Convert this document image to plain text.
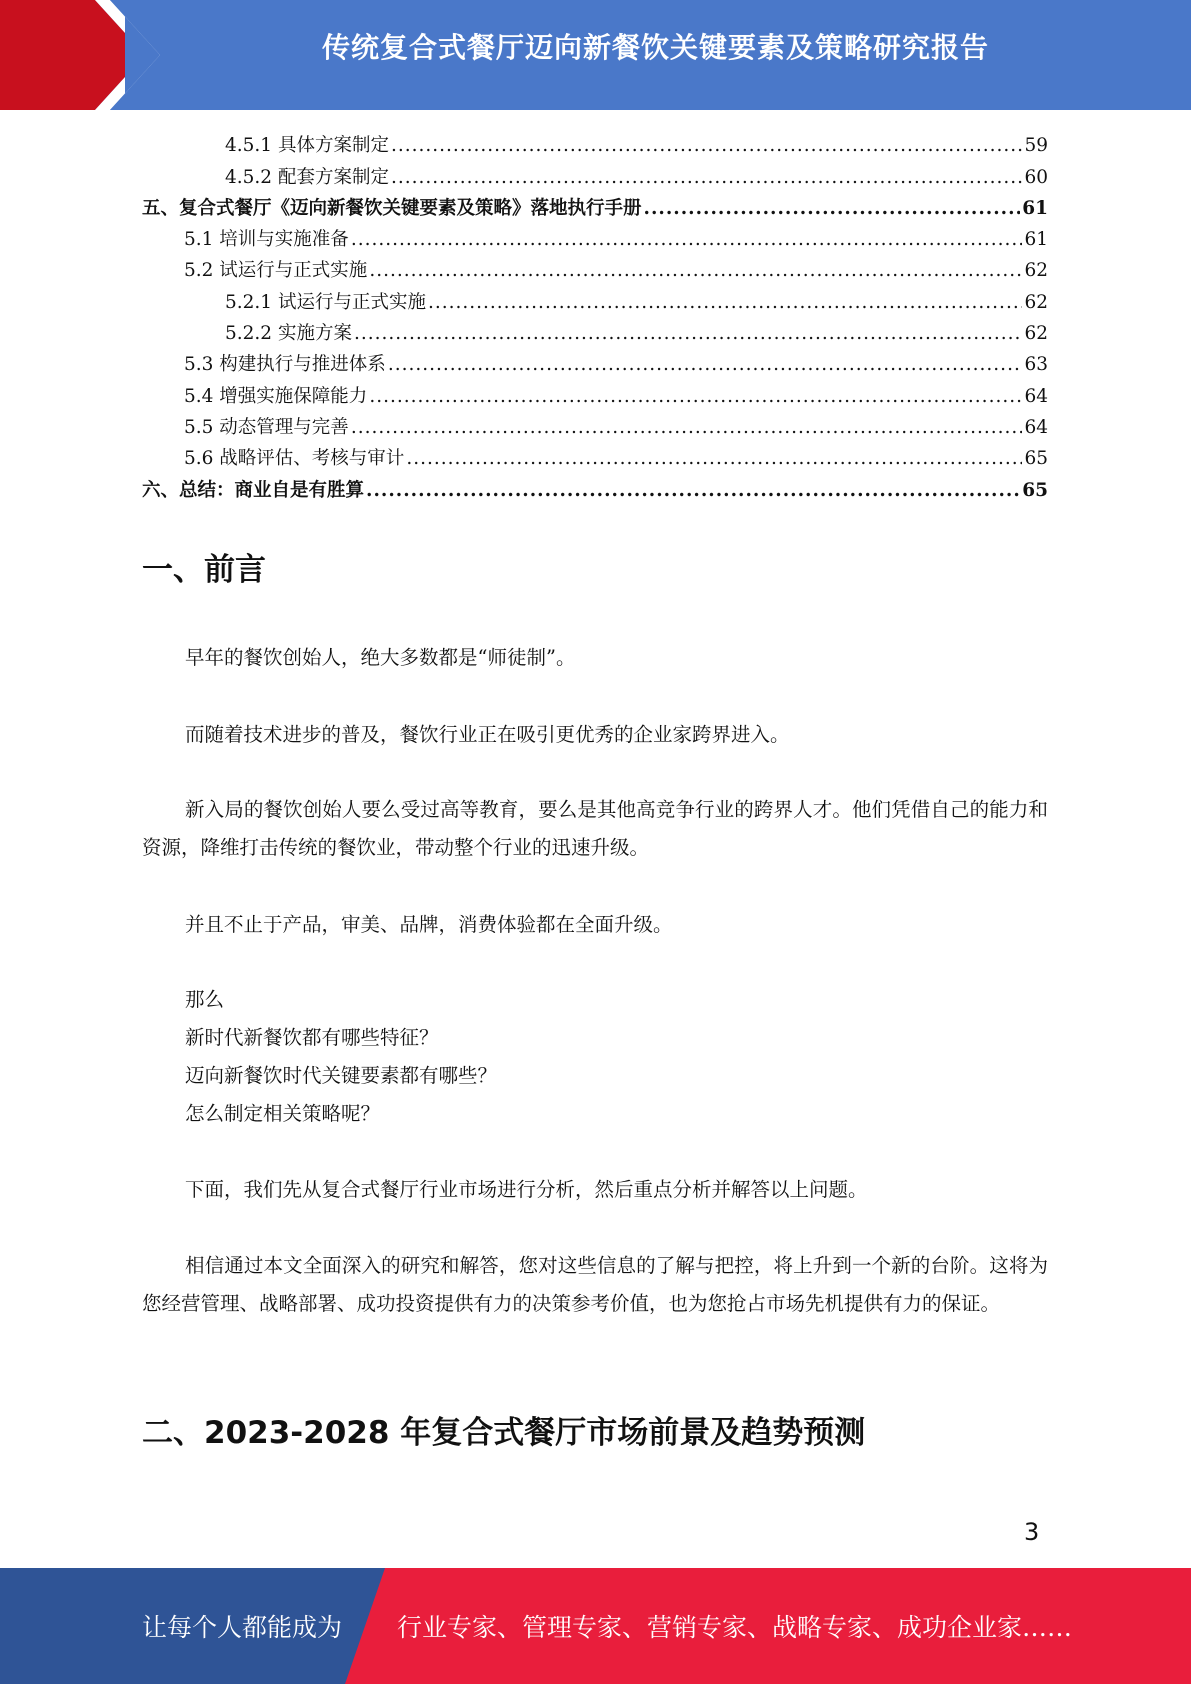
传统复合式餐厅迈向新餐饮关键要素及策略研究报告
4.5.1 具体方案制定 .....	59
4.5.2 配套方案制定 .....	60
五、复合式餐厅《迈向新餐饮关键要素及策略》落地执行手册 .....	61
5.1 培训与实施准备 .....	61
5.2 试运行与正式实施 .....	62
5.2.1 试运行与正式实施 .....	62
5.2.2 实施方案 .....	62
5.3 构建执行与推进体系 .....	63
5.4 增强实施保障能力 .....	64
5.5 动态管理与完善 .....	64
5.6 战略评估、考核与审计 .....	65
六、总结：商业自是有胜算 .....	65
一、前言
早年的餐饮创始人，绝大多数都是“师徒制”。
而随着技术进步的普及，餐饮行业正在吸引更优秀的企业家跨界进入。
新入局的餐饮创始人要么受过高等教育，要么是其他高竞争行业的跨界人才。他们凭借自己的能力和资源，降维打击传统的餐饮业，带动整个行业的迅速升级。
并且不止于产品，审美、品牌，消费体验都在全面升级。
那么
新时代新餐饮都有哪些特征？
迈向新餐饮时代关键要素都有哪些？
怎么制定相关策略呢？
下面，我们先从复合式餐厅行业市场进行分析，然后重点分析并解答以上问题。
相信通过本文全面深入的研究和解答，您对这些信息的了解与把控，将上升到一个新的台阶。这将为您经营管理、战略部署、成功投资提供有力的决策参考价值，也为您抢占市场先机提供有力的保证。
二、2023-2028 年复合式餐厅市场前景及趋势预测
3
让每个人都能成为 行业专家、管理专家、营销专家、战略专家、成功企业家……
